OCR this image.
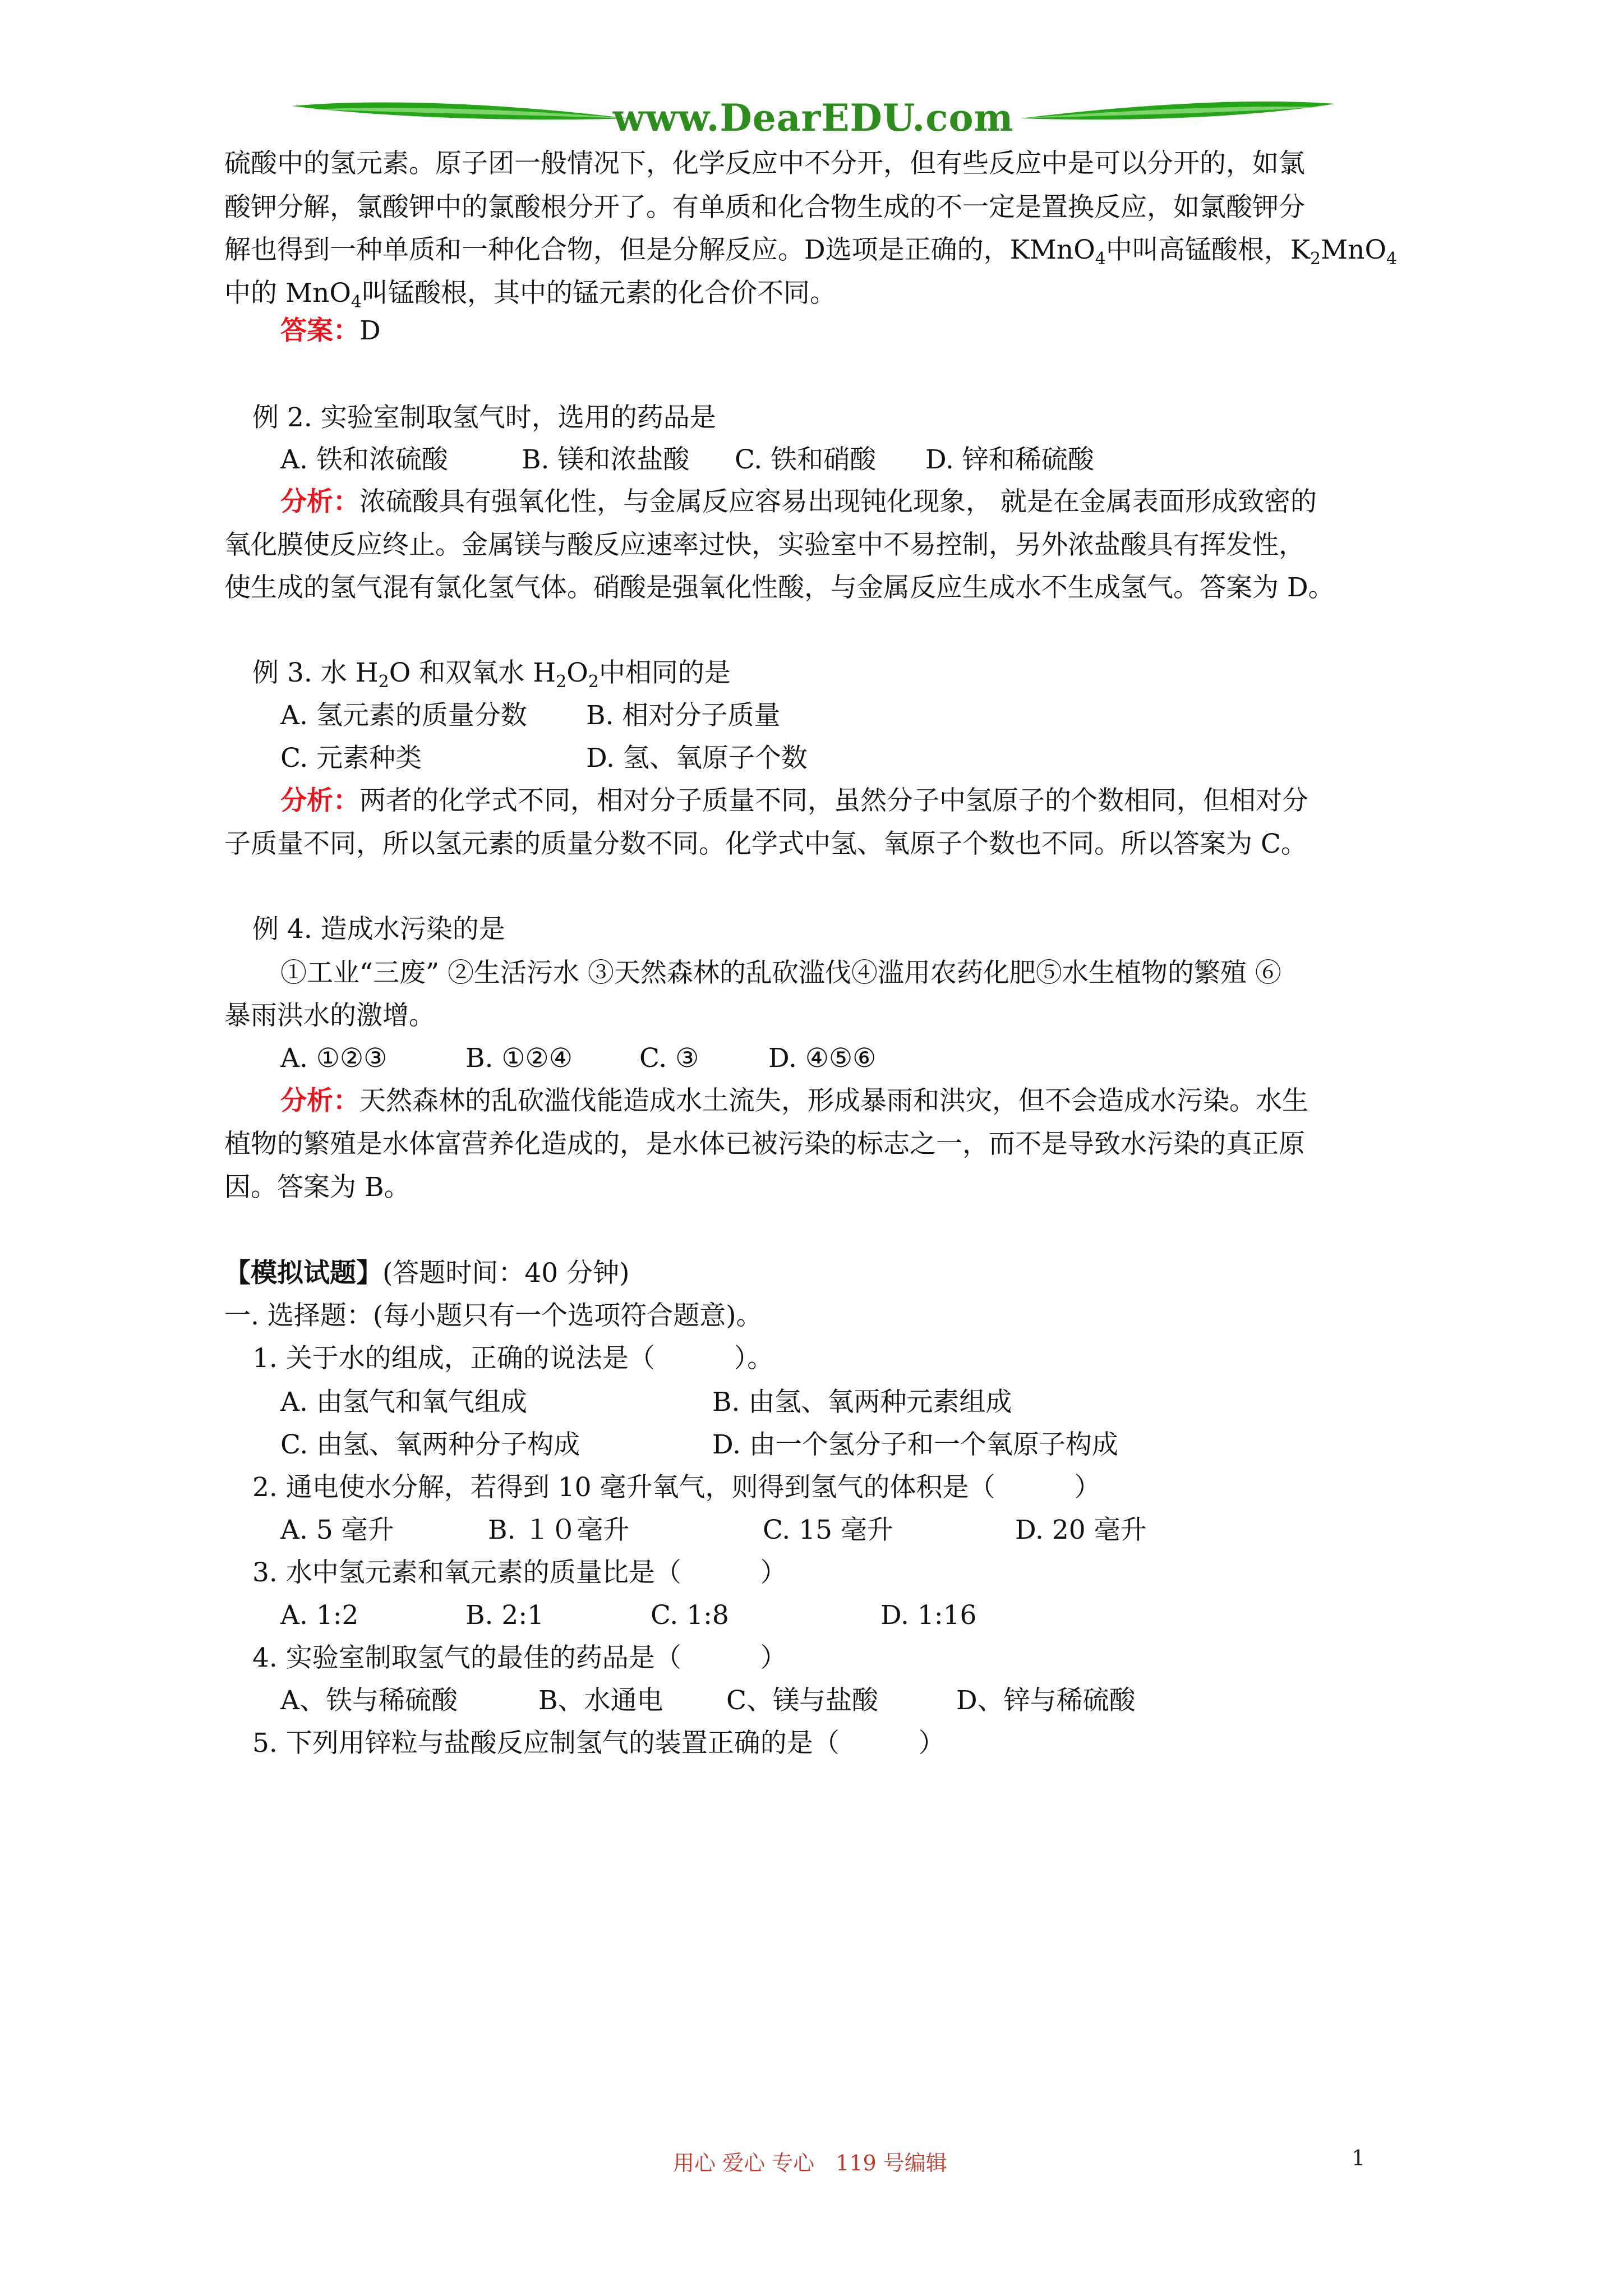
www.DearEDU.com
硫酸中的氢元素。原子团一般情况下，化学反应中不分开，但有些反应中是可以分开的，如氯
酸钾分解，氯酸钾中的氯酸根分开了。有单质和化合物生成的不一定是置换反应，如氯酸钾分
解也得到一种单质和一种化合物，但是分解反应。D选项是正确的，KMnO$_4$中叫高锰酸根，$K_2MnO_4$
中的 MnO$_4$叫锰酸根，其中的锰元素的化合价不同。
答案：D
例 2. 实验室制取氢气时，选用的药品是
A. 铁和浓硫酸	B. 镁和浓盐酸 C. 铁和硝酸 D. 锌和稀硫酸
分析：浓硫酸具有强氧化性，与金属反应容易出现钝化现象， 就是在金属表面形成致密的
氧化膜使反应终止。金属镁与酸反应速率过快，实验室中不易控制，另外浓盐酸具有挥发性，
使生成的氢气混有氯化氢气体。硝酸是强氧化性酸，与金属反应生成水不生成氢气。答案为 D。
例 3. 水 $H_2O$ 和双氧水 $H_2O_2$中相同的是
A. 氢元素的质量分数 B. 相对分子质量
C. 元素种类	D. 氢、氧原子个数
分析：两者的化学式不同，相对分子质量不同，虽然分子中氢原子的个数相同，但相对分
子质量不同，所以氢元素的质量分数不同。化学式中氢、氧原子个数也不同。所以答案为 C。
例 4. 造成水污染的是
①工业“三废” ②生活污水 ③天然森林的乱砍滥伐④滥用农药化肥⑤水生植物的繁殖 ⑥
暴雨洪水的激增。
A. ①②③	B. ①②④	C. ③	D. ④⑤⑥
分析：天然森林的乱砍滥伐能造成水土流失，形成暴雨和洪灾，但不会造成水污染。水生
植物的繁殖是水体富营养化造成的，是水体已被污染的标志之一，而不是导致水污染的真正原
因。答案为 B。
【模拟试题】(答题时间：40 分钟)
一. 选择题：(每小题只有一个选项符合题意)。
1. 关于水的组成，正确的说法是（　　　）。
A. 由氢气和氧气组成	B. 由氢、氧两种元素组成
C. 由氢、氧两种分子构成	D. 由一个氢分子和一个氧原子构成
2. 通电使水分解，若得到 10 毫升氧气，则得到氢气的体积是（　　　）
A. 5 毫升	B. １０毫升	C. 15 毫升	D. 20 毫升
3. 水中氢元素和氧元素的质量比是（　　　）
A. 1:2	B. 2:1	C. 1:8	D. 1:16
4. 实验室制取氢气的最佳的药品是（　　　）
A、铁与稀硫酸	B、水通电 C、镁与盐酸	D、锌与稀硫酸
5. 下列用锌粒与盐酸反应制氢气的装置正确的是（　　　）
用心 爱心 专心　119 号编辑	1
